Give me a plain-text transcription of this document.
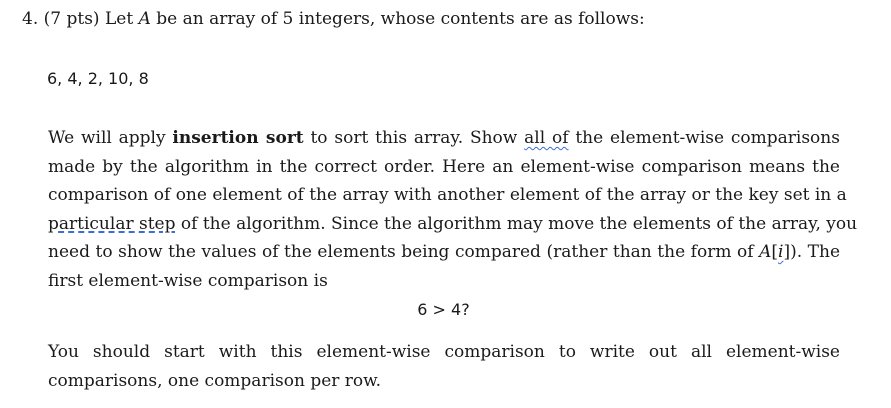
4. (7 pts) Let A be an array of 5 integers, whose contents are as follows:
6, 4, 2, 10, 8
We will apply insertion sort to sort this array. Show all of the element-wise comparisons
made by the algorithm in the correct order. Here an element-wise comparison means the
comparison of one element of the array with another element of the array or the key set in a
particular step of the algorithm. Since the algorithm may move the elements of the array, you
need to show the values of the elements being compared (rather than the form of A[i]). The
first element-wise comparison is
6 > 4?
You should start with this element-wise comparison to write out all element-wise
comparisons, one comparison per row.
